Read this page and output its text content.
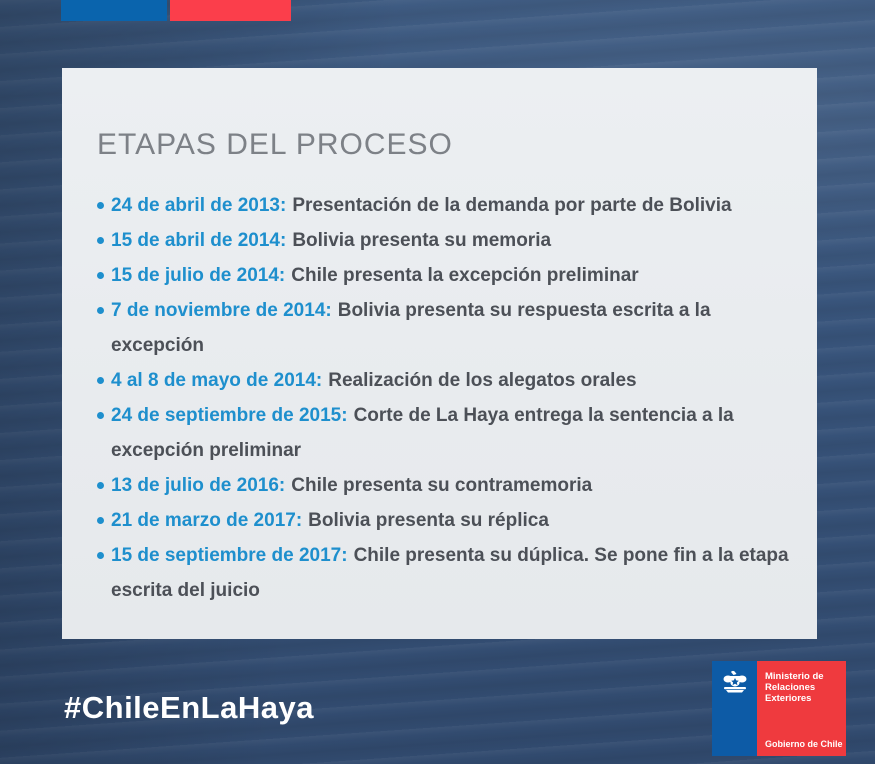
ETAPAS DEL PROCESO
24 de abril de 2013: Presentación de la demanda por parte de Bolivia
15 de abril de 2014: Bolivia presenta su memoria
15 de julio de 2014: Chile presenta la excepción preliminar
7 de noviembre de 2014: Bolivia presenta su respuesta escrita a la excepción
4 al 8 de mayo de 2014: Realización de los alegatos orales
24 de septiembre de 2015: Corte de La Haya entrega la sentencia a la excepción preliminar
13 de julio de 2016: Chile presenta su contramemoria
21 de marzo de 2017: Bolivia presenta su réplica
15 de septiembre de 2017: Chile presenta su dúplica. Se pone fin a la etapa escrita del juicio
#ChileEnLaHaya
Ministerio de Relaciones Exteriores
Gobierno de Chile
